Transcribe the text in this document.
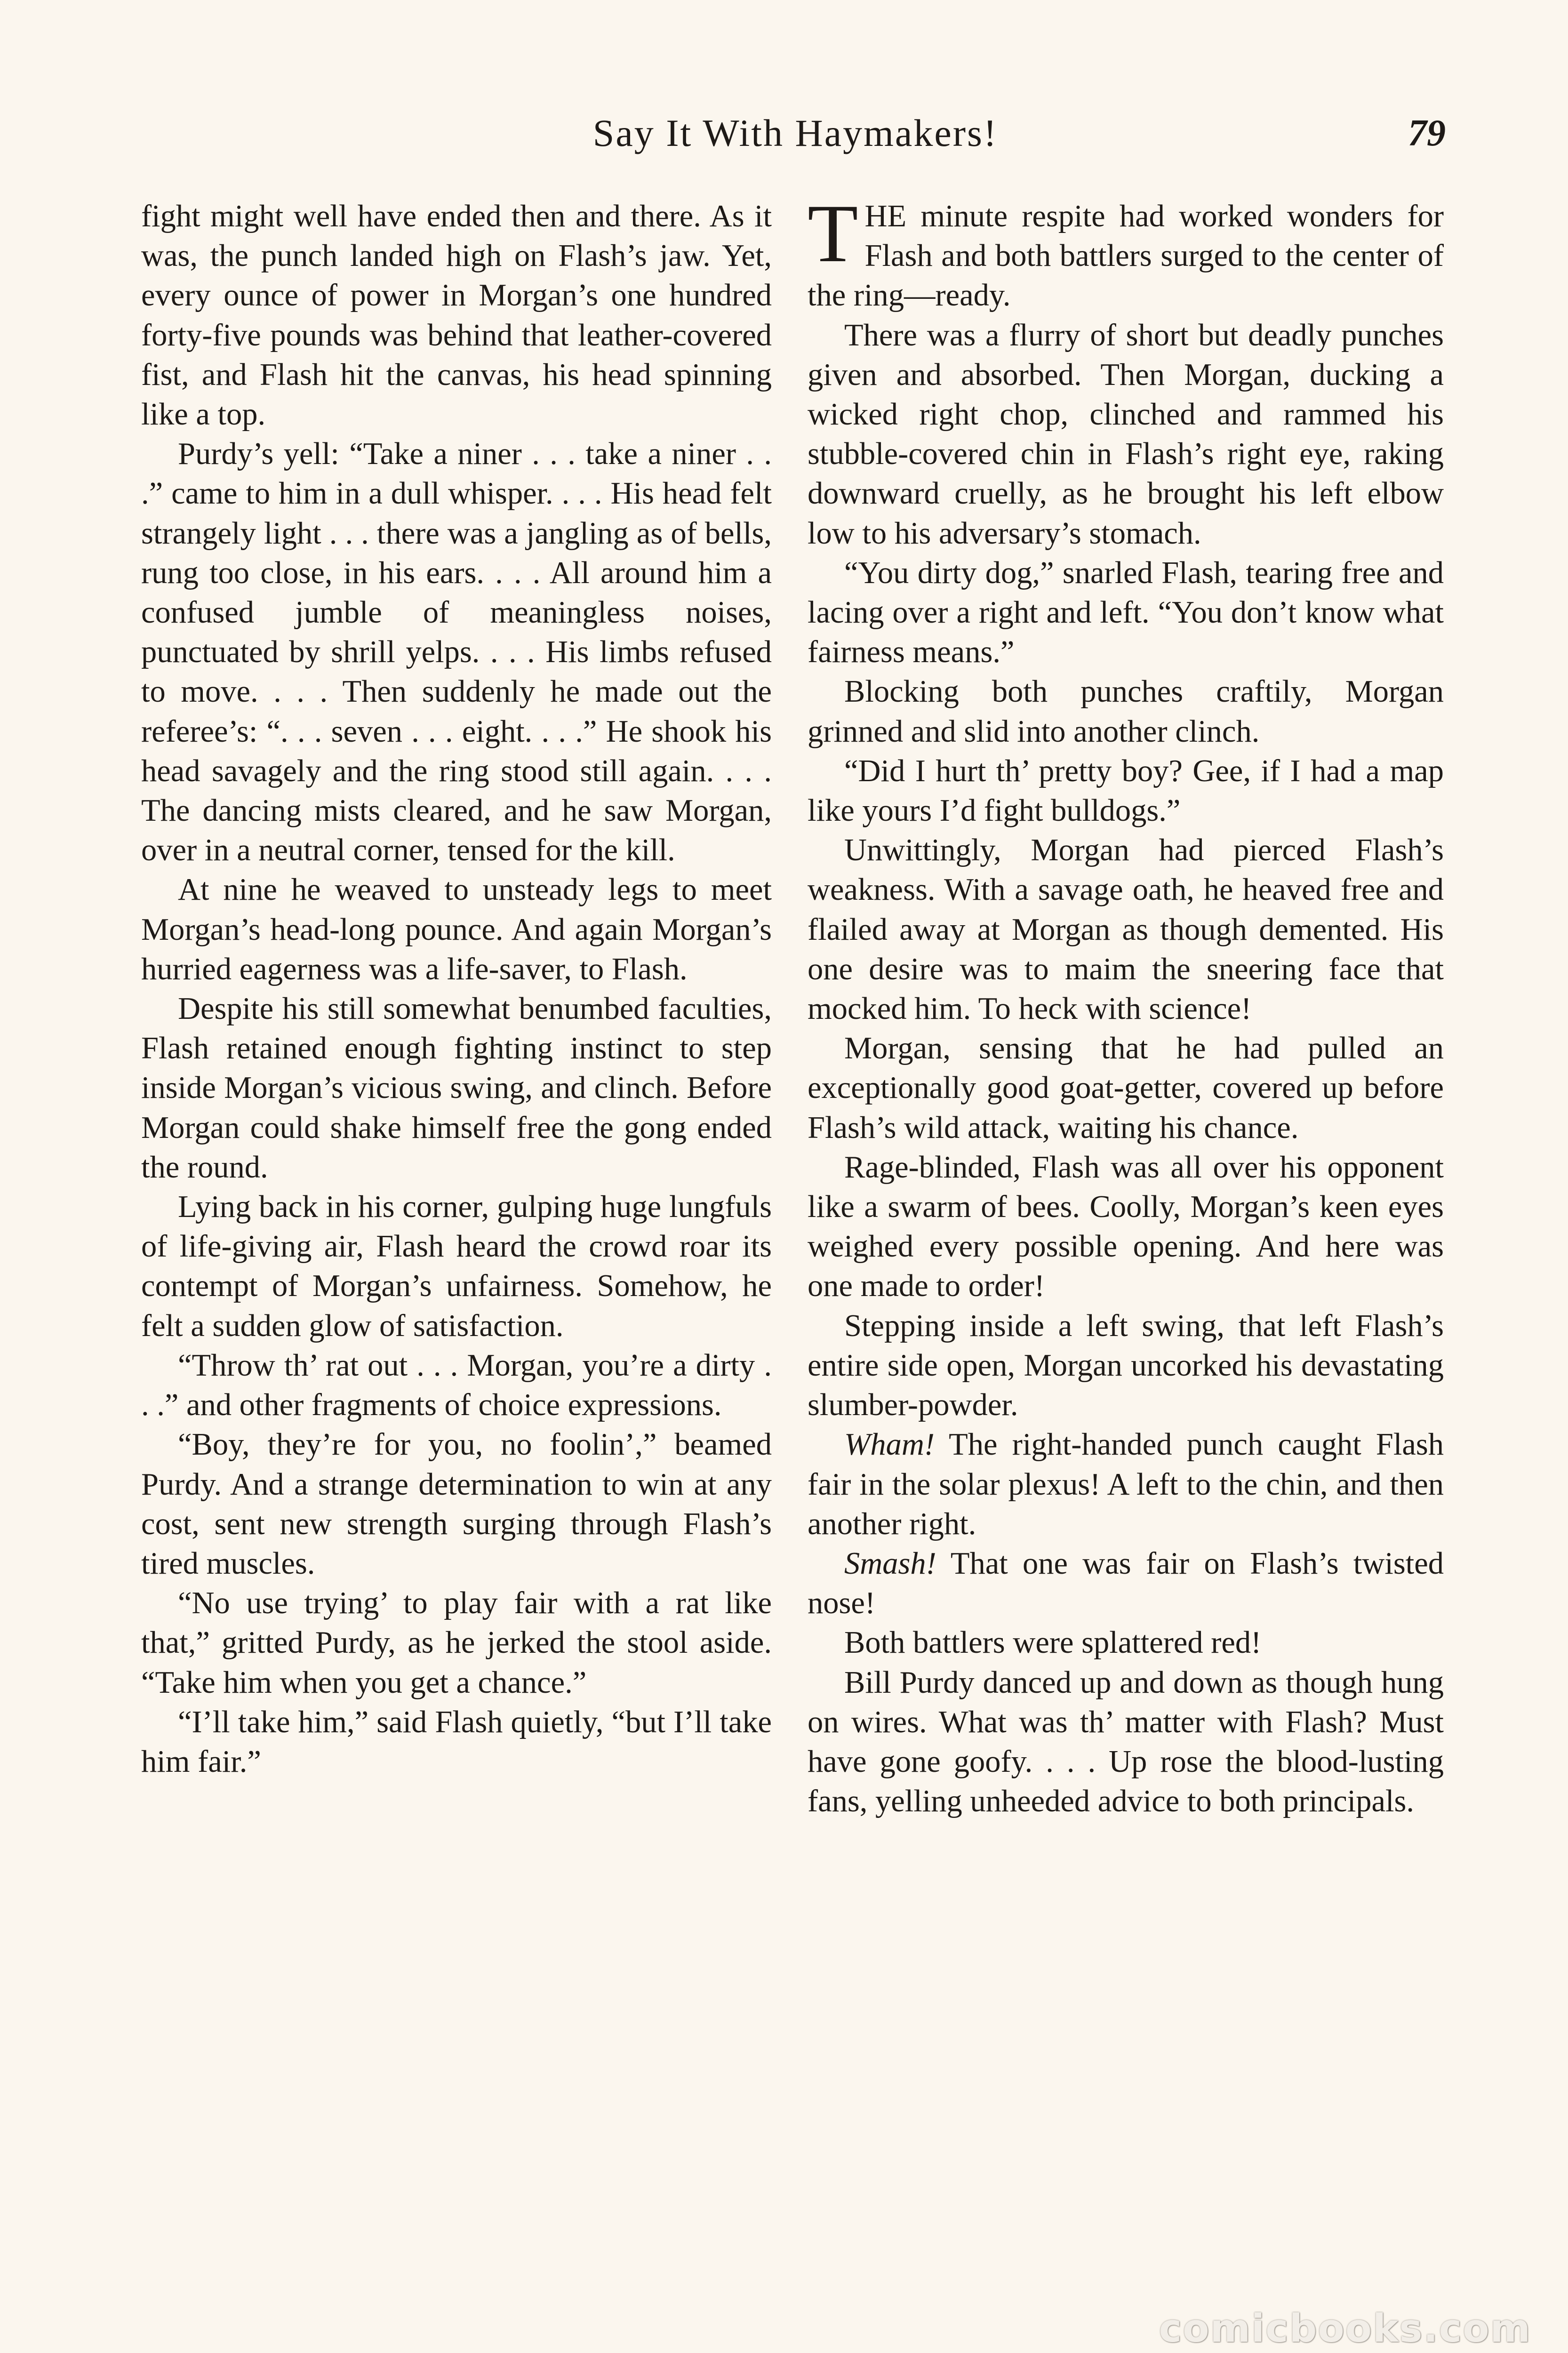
Say It With Haymakers!	79

fight might well have ended then and there. As it was, the punch landed high on Flash’s jaw. Yet, every ounce of power in Morgan’s one hundred forty-five pounds was behind that leather-covered fist, and Flash hit the canvas, his head spinning like a top.

Purdy’s yell: “Take a niner . . . take a niner . . .” came to him in a dull whisper. . . . His head felt strangely light . . . there was a jangling as of bells, rung too close, in his ears. . . . All around him a confused jumble of meaningless noises, punctuated by shrill yelps. . . . His limbs refused to move. . . . Then suddenly he made out the referee’s: “. . . seven . . . eight. . . .” He shook his head savagely and the ring stood still again. . . . The dancing mists cleared, and he saw Morgan, over in a neutral corner, tensed for the kill.

At nine he weaved to unsteady legs to meet Morgan’s head-long pounce. And again Morgan’s hurried eagerness was a life-saver, to Flash.

Despite his still somewhat benumbed faculties, Flash retained enough fighting instinct to step inside Morgan’s vicious swing, and clinch. Before Morgan could shake himself free the gong ended the round.

Lying back in his corner, gulping huge lungfuls of life-giving air, Flash heard the crowd roar its contempt of Morgan’s unfairness. Somehow, he felt a sudden glow of satisfaction.

“Throw th’ rat out . . . Morgan, you’re a dirty . . .” and other fragments of choice expressions.

“Boy, they’re for you, no foolin’,” beamed Purdy. And a strange determination to win at any cost, sent new strength surging through Flash’s tired muscles.

“No use trying’ to play fair with a rat like that,” gritted Purdy, as he jerked the stool aside. “Take him when you get a chance.”

“I’ll take him,” said Flash quietly, “but I’ll take him fair.”

THE minute respite had worked wonders for Flash and both battlers surged to the center of the ring—ready.

There was a flurry of short but deadly punches given and absorbed. Then Morgan, ducking a wicked right chop, clinched and rammed his stubble-covered chin in Flash’s right eye, raking downward cruelly, as he brought his left elbow low to his adversary’s stomach.

“You dirty dog,” snarled Flash, tearing free and lacing over a right and left. “You don’t know what fairness means.”

Blocking both punches craftily, Morgan grinned and slid into another clinch.

“Did I hurt th’ pretty boy? Gee, if I had a map like yours I’d fight bulldogs.”

Unwittingly, Morgan had pierced Flash’s weakness. With a savage oath, he heaved free and flailed away at Morgan as though demented. His one desire was to maim the sneering face that mocked him. To heck with science!

Morgan, sensing that he had pulled an exceptionally good goat-getter, covered up before Flash’s wild attack, waiting his chance.

Rage-blinded, Flash was all over his opponent like a swarm of bees. Coolly, Morgan’s keen eyes weighed every possible opening. And here was one made to order!

Stepping inside a left swing, that left Flash’s entire side open, Morgan uncorked his devastating slumber-powder.

Wham! The right-handed punch caught Flash fair in the solar plexus! A left to the chin, and then another right.

Smash! That one was fair on Flash’s twisted nose!

Both battlers were splattered red!

Bill Purdy danced up and down as though hung on wires. What was th’ matter with Flash? Must have gone goofy. . . . Up rose the blood-lusting fans, yelling unheeded advice to both principals.

comicbooks.com
